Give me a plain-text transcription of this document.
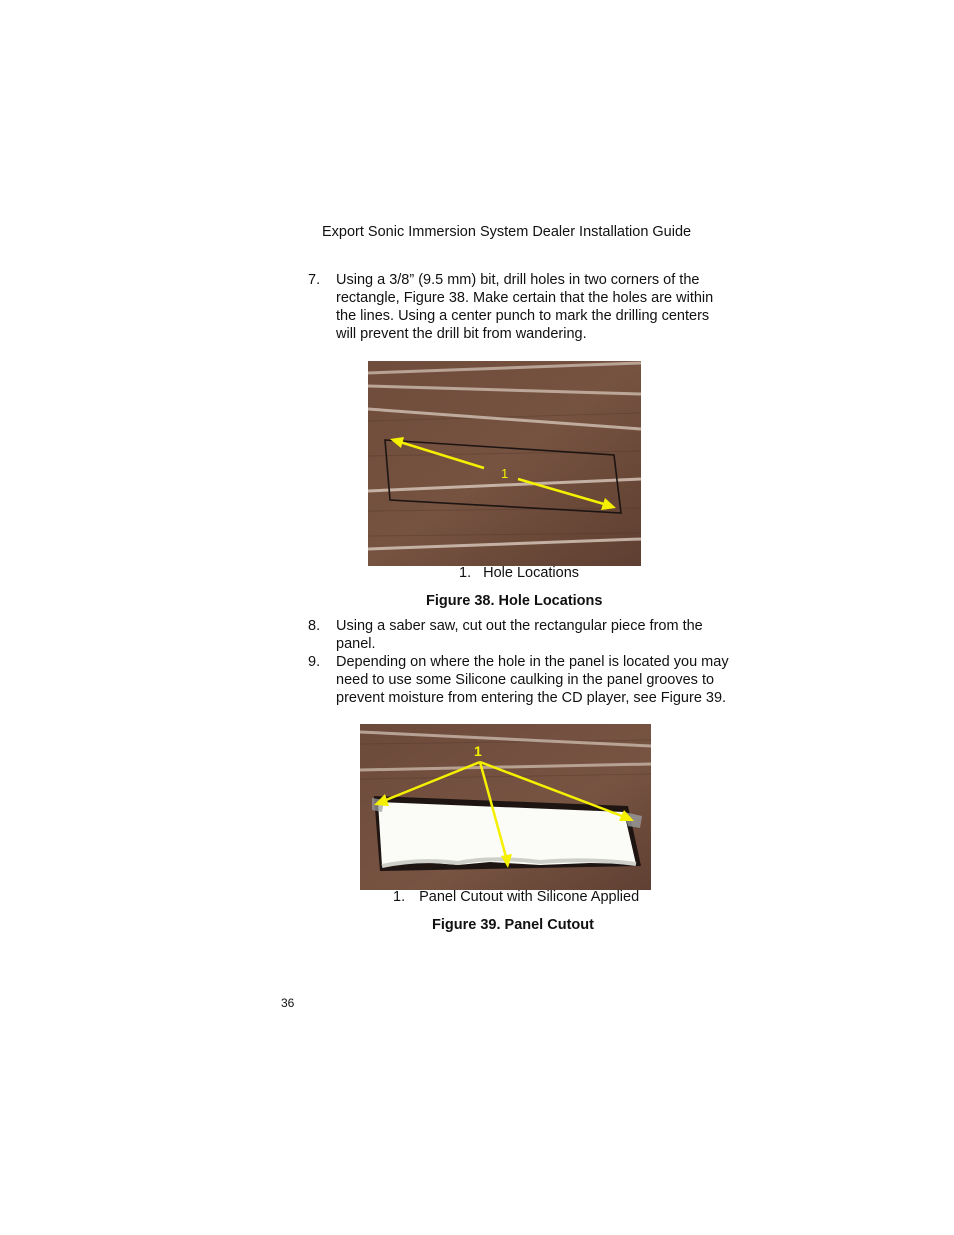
Export Sonic Immersion System Dealer Installation Guide
7. Using a 3/8” (9.5 mm) bit, drill holes in two corners of the
rectangle, Figure 38. Make certain that the holes are within
the lines. Using a center punch to mark the drilling centers
will prevent the drill bit from wandering.
1
1. Hole Locations
Figure 38. Hole Locations
8. Using a saber saw, cut out the rectangular piece from the
panel.
9. Depending on where the hole in the panel is located you may
need to use some Silicone caulking in the panel grooves to
prevent moisture from entering the CD player, see Figure 39.
1
1. Panel Cutout with Silicone Applied
Figure 39. Panel Cutout
36
